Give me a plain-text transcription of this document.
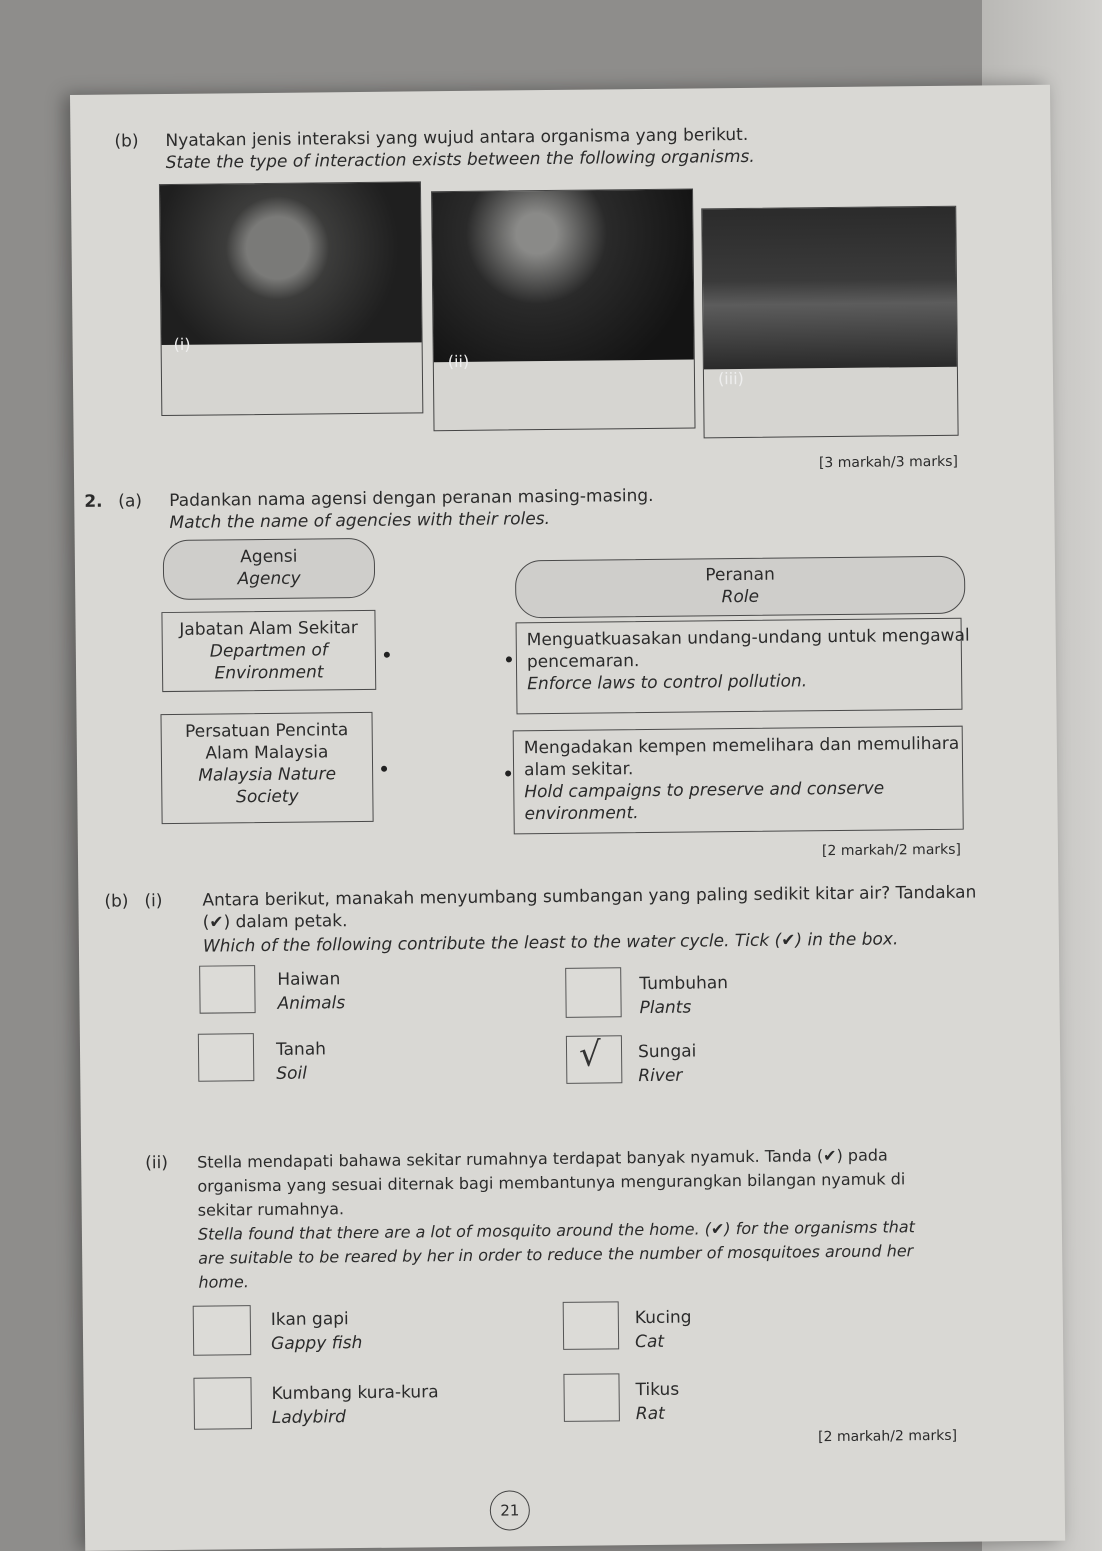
(b) Nyatakan jenis interaksi yang wujud antara organisma yang berikut.
State the type of interaction exists between the following organisms.
(i)
(ii)
(iii)
[3 markah/3 marks]
2. (a) Padankan nama agensi dengan peranan masing-masing.
Match the name of agencies with their roles.
Agensi
Agency	Peranan
Role
Jabatan Alam Sekitar
Departmen of
Environment
Menguatkuasakan undang-undang untuk mengawal
pencemaran.
Enforce laws to control pollution.
Persatuan Pencinta
Alam Malaysia
Malaysia Nature
Society
Mengadakan kempen memelihara dan memulihara
alam sekitar.
Hold campaigns to preserve and conserve
environment.
[2 markah/2 marks]
(b) (i) Antara berikut, manakah menyumbang sumbangan yang paling sedikit kitar air? Tandakan
(✔) dalam petak.
Which of the following contribute the least to the water cycle. Tick (✔) in the box.
Haiwan
Animals
Tumbuhan
Plants
Tanah
Soil	√ Sungai
River
(ii) Stella mendapati bahawa sekitar rumahnya terdapat banyak nyamuk. Tanda (✔) pada
organisma yang sesuai diternak bagi membantunya mengurangkan bilangan nyamuk di
sekitar rumahnya.
Stella found that there are a lot of mosquito around the home. (✔) for the organisms that
are suitable to be reared by her in order to reduce the number of mosquitoes around her
home.
Ikan gapi
Gappy fish
Kucing
Cat
Kumbang kura-kura
Ladybird
Tikus
Rat
[2 markah/2 marks]
21
